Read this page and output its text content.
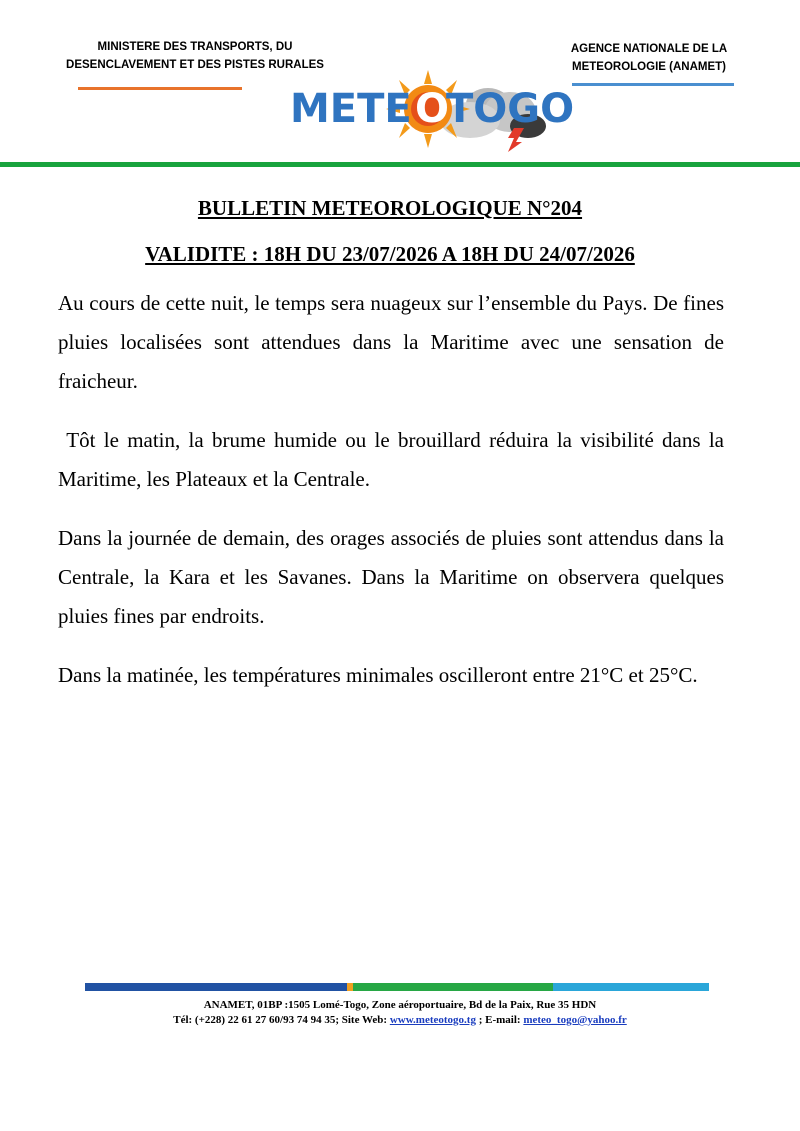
MINISTERE DES TRANSPORTS, DU
DESENCLAVEMENT ET DES PISTES RURALES
AGENCE NATIONALE DE LA
METEOROLOGIE (ANAMET)
METE O
TOGO
BULLETIN METEOROLOGIQUE N°204
VALIDITE : 18H DU 23/07/2026 A 18H DU 24/07/2026

Au cours de cette nuit, le temps sera nuageux sur l’ensemble du Pays. De fines pluies localisées sont attendues dans la Maritime avec une sensation de fraicheur.

Tôt le matin, la brume humide ou le brouillard réduira la visibilité dans la Maritime, les Plateaux et la Centrale.

Dans la journée de demain, des orages associés de pluies sont attendus dans la Centrale, la Kara et les Savanes. Dans la Maritime on observera quelques pluies fines par endroits.

Dans la matinée, les températures minimales oscilleront entre 21°C et 25°C.

ANAMET, 01BP :1505 Lomé-Togo, Zone aéroportuaire, Bd de la Paix, Rue 35 HDN
Tél: (+228) 22 61 27 60/93 74 94 35; Site Web: www.meteotogo.tg ; E-mail: meteo_togo@yahoo.fr
